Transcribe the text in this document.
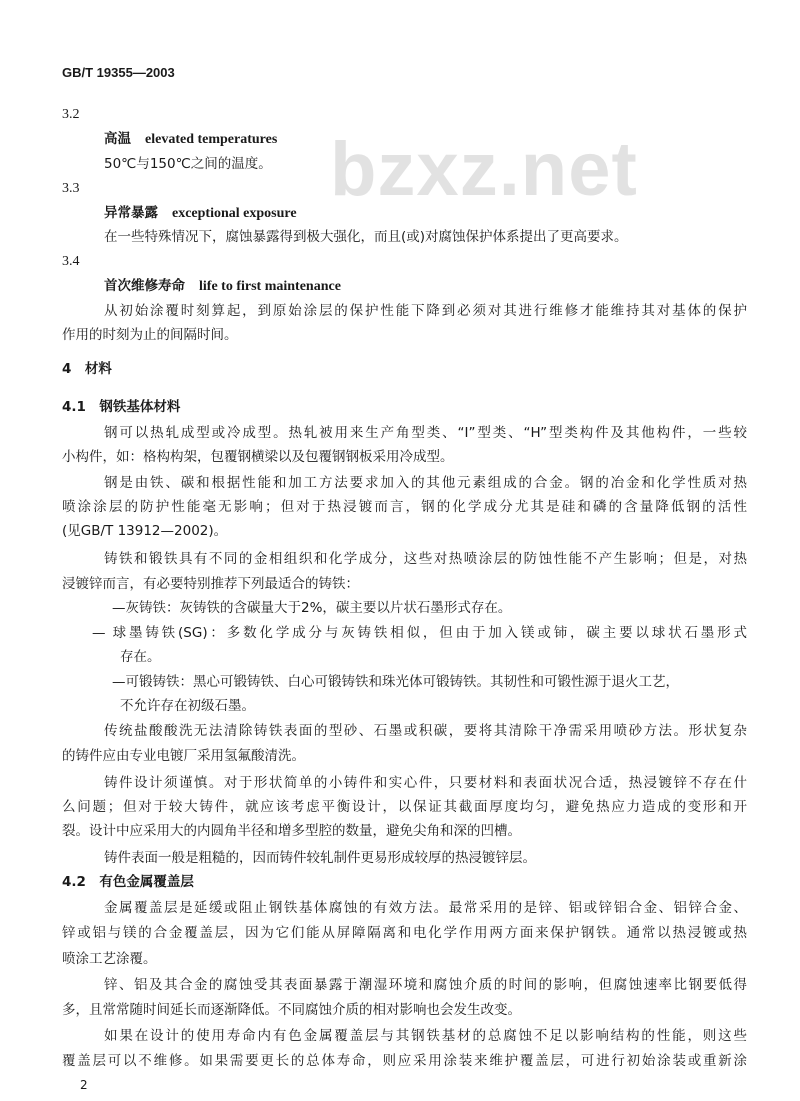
bzxz.net
GB/T 19355—2003
3.2
高温 elevated temperatures
50℃与150℃之间的温度。
3.3
异常暴露 exceptional exposure
在一些特殊情况下，腐蚀暴露得到极大强化，而且(或)对腐蚀保护体系提出了更高要求。
3.4
首次维修寿命 life to first maintenance
从初始涂覆时刻算起，到原始涂层的保护性能下降到必须对其进行维修才能维持其对基体的保护
作用的时刻为止的间隔时间。
4　材料
4.1　钢铁基体材料
钢可以热轧成型或冷成型。热轧被用来生产角型类、“I”型类、“H”型类构件及其他构件，一些较
小构件，如：格构构架，包覆钢横梁以及包覆钢钢板采用冷成型。
钢是由铁、碳和根据性能和加工方法要求加入的其他元素组成的合金。钢的冶金和化学性质对热
喷涂涂层的防护性能毫无影响；但对于热浸镀而言，钢的化学成分尤其是硅和磷的含量降低钢的活性
(见GB/T 13912—2002)。
铸铁和锻铁具有不同的金相组织和化学成分，这些对热喷涂层的防蚀性能不产生影响；但是，对热
浸镀锌而言，有必要特别推荐下列最适合的铸铁：
—灰铸铁：灰铸铁的含碳量大于2%，碳主要以片状石墨形式存在。
— 球墨铸铁(SG)：多数化学成分与灰铸铁相似，但由于加入镁或铈，碳主要以球状石墨形式
存在。
—可锻铸铁：黑心可锻铸铁、白心可锻铸铁和珠光体可锻铸铁。其韧性和可锻性源于退火工艺，
不允许存在初级石墨。
传统盐酸酸洗无法清除铸铁表面的型砂、石墨或积碳，要将其清除干净需采用喷砂方法。形状复杂
的铸件应由专业电镀厂采用氢氟酸清洗。
铸件设计须谨慎。对于形状简单的小铸件和实心件，只要材料和表面状况合适，热浸镀锌不存在什
么问题；但对于较大铸件，就应该考虑平衡设计，以保证其截面厚度均匀，避免热应力造成的变形和开
裂。设计中应采用大的内圆角半径和增多型腔的数量，避免尖角和深的凹槽。
铸件表面一般是粗糙的，因而铸件较轧制件更易形成较厚的热浸镀锌层。
4.2　有色金属覆盖层
金属覆盖层是延缓或阻止钢铁基体腐蚀的有效方法。最常采用的是锌、铝或锌铝合金、铝锌合金、
锌或铝与镁的合金覆盖层，因为它们能从屏障隔离和电化学作用两方面来保护钢铁。通常以热浸镀或热
喷涂工艺涂覆。
锌、铝及其合金的腐蚀受其表面暴露于潮湿环境和腐蚀介质的时间的影响，但腐蚀速率比钢要低得
多，且常常随时间延长而逐渐降低。不同腐蚀介质的相对影响也会发生改变。
如果在设计的使用寿命内有色金属覆盖层与其钢铁基材的总腐蚀不足以影响结构的性能，则这些
覆盖层可以不维修。如果需要更长的总体寿命，则应采用涂装来维护覆盖层，可进行初始涂装或重新涂
2
